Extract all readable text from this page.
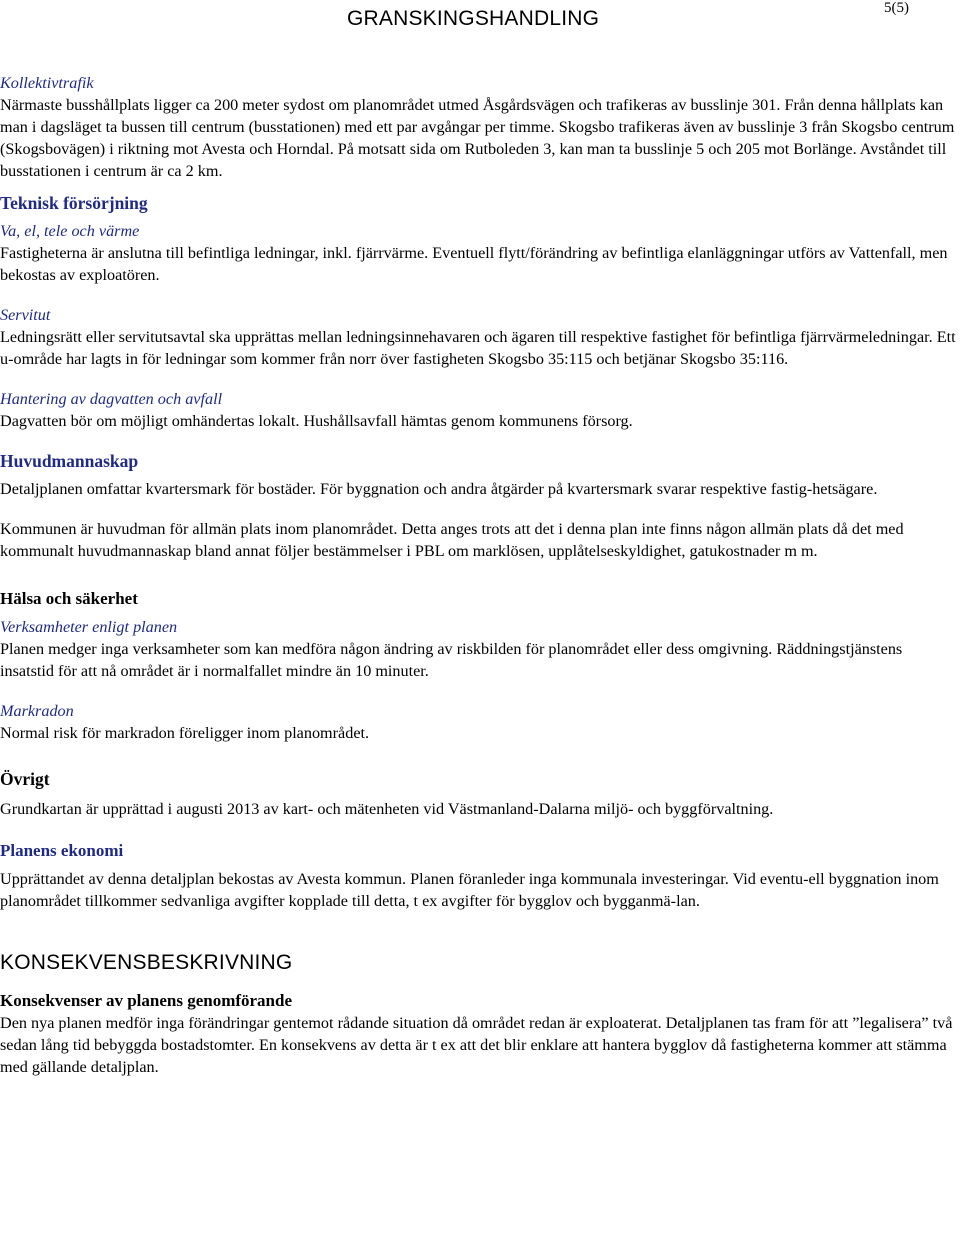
GRANSKINGSHANDLING	5(5)

Kollektivtrafik

Närmaste busshållplats ligger ca 200 meter sydost om planområdet utmed Åsgårdsvägen och trafikeras av busslinje 301. Från denna hållplats kan man i dagsläget ta bussen till centrum (busstationen) med ett par avgångar per timme. Skogsbo trafikeras även av busslinje 3 från Skogsbo centrum (Skogsbovägen) i riktning mot Avesta och Horndal. På motsatt sida om Rutboleden 3, kan man ta busslinje 5 och 205 mot Borlänge. Avståndet till busstationen i centrum är ca 2 km.

Teknisk försörjning

Va, el, tele och värme

Fastigheterna är anslutna till befintliga ledningar, inkl. fjärrvärme. Eventuell flytt/förändring av befintliga elanläggningar utförs av Vattenfall, men bekostas av exploatören.

Servitut

Ledningsrätt eller servitutsavtal ska upprättas mellan ledningsinnehavaren och ägaren till respektive fastighet för befintliga fjärrvärmeledningar. Ett u-område har lagts in för ledningar som kommer från norr över fastigheten Skogsbo 35:115 och betjänar Skogsbo 35:116.

Hantering av dagvatten och avfall

Dagvatten bör om möjligt omhändertas lokalt. Hushållsavfall hämtas genom kommunens försorg.

Huvudmannaskap

Detaljplanen omfattar kvartersmark för bostäder. För byggnation och andra åtgärder på kvartersmark svarar respektive fastig-hetsägare.

Kommunen är huvudman för allmän plats inom planområdet. Detta anges trots att det i denna plan inte finns någon allmän plats då det med kommunalt huvudmannaskap bland annat följer bestämmelser i PBL om marklösen, upplåtelseskyldighet, gatukostnader m m.

Hälsa och säkerhet

Verksamheter enligt planen

Planen medger inga verksamheter som kan medföra någon ändring av riskbilden för planområdet eller dess omgivning. Räddningstjänstens insatstid för att nå området är i normalfallet mindre än 10 minuter.

Markradon

Normal risk för markradon föreligger inom planområdet.

Övrigt

Grundkartan är upprättad i augusti 2013 av kart- och mätenheten vid Västmanland-Dalarna miljö- och byggförvaltning.

Planens ekonomi

Upprättandet av denna detaljplan bekostas av Avesta kommun. Planen föranleder inga kommunala investeringar. Vid eventu-ell byggnation inom planområdet tillkommer sedvanliga avgifter kopplade till detta, t ex avgifter för bygglov och bygganmä-lan.

KONSEKVENSBESKRIVNING

Konsekvenser av planens genomförande

Den nya planen medför inga förändringar gentemot rådande situation då området redan är exploaterat. Detaljplanen tas fram för att ”legalisera” två sedan lång tid bebyggda bostadstomter. En konsekvens av detta är t ex att det blir enklare att hantera bygglov då fastigheterna kommer att stämma med gällande detaljplan.
